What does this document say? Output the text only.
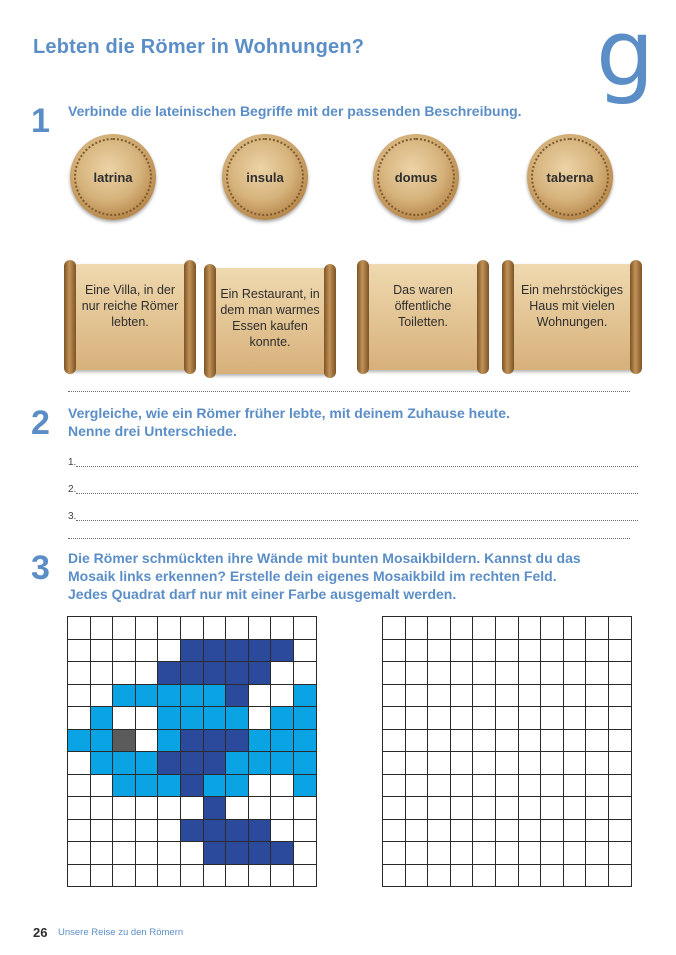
Lebten die Römer in Wohnungen?	g
1 Verbinde die lateinischen Begriffe mit der passenden Beschreibung.
latrina	insula	domus	taberna
Eine Villa, in der nur reiche Römer lebten.
Ein Restaurant, in dem man warmes Essen kaufen konnte.
Das waren öffentliche Toiletten.
Ein mehrstöckiges Haus mit vielen Wohnungen.
2 Vergleiche, wie ein Römer früher lebte, mit deinem Zuhause heute.
Nenne drei Unterschiede.
1.
2.
3.
3 Die Römer schmückten ihre Wände mit bunten Mosaikbildern. Kannst du das
Mosaik links erkennen? Erstelle dein eigenes Mosaikbild im rechten Feld.
Jedes Quadrat darf nur mit einer Farbe ausgemalt werden.
26 Unsere Reise zu den Römern
